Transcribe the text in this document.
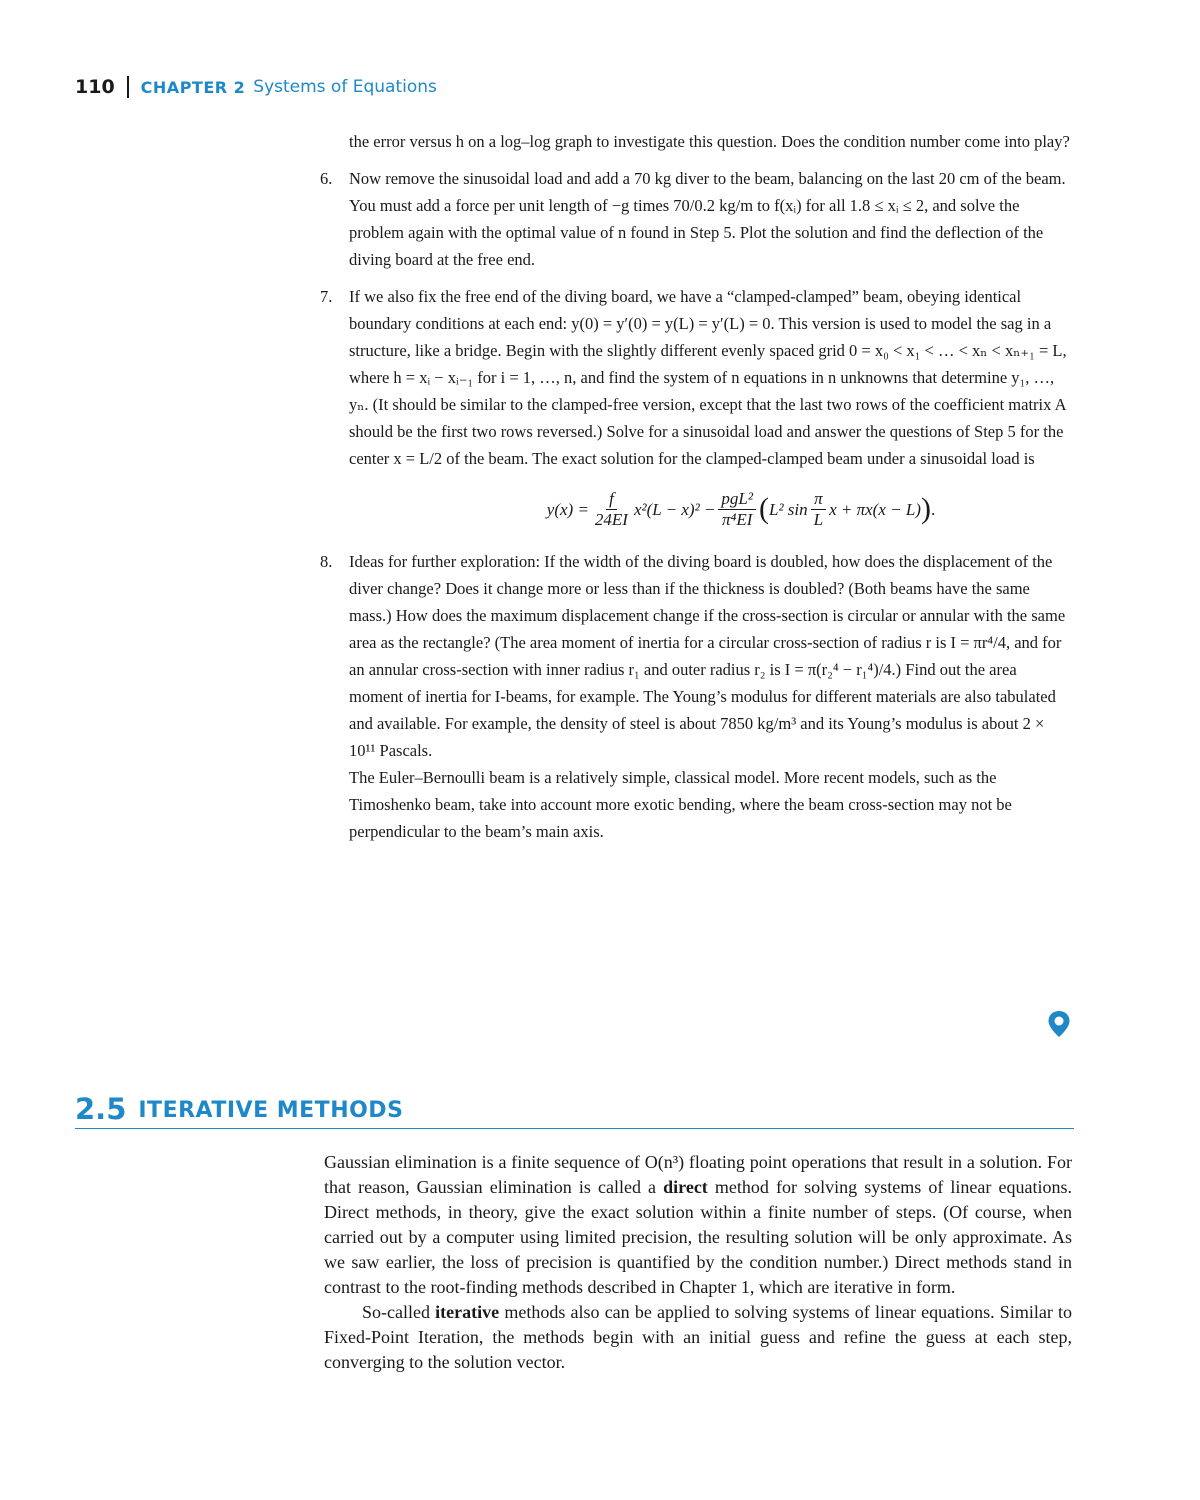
110 CHAPTER 2 Systems of Equations

the error versus h on a log–log graph to investigate this question. Does the condition number come into play?

6. Now remove the sinusoidal load and add a 70 kg diver to the beam, balancing on the last 20 cm of the beam. You must add a force per unit length of −g times 70/0.2 kg/m to f(xᵢ) for all 1.8 ≤ xᵢ ≤ 2, and solve the problem again with the optimal value of n found in Step 5. Plot the solution and find the deflection of the diving board at the free end.

7. If we also fix the free end of the diving board, we have a “clamped-clamped” beam, obeying identical boundary conditions at each end: y(0) = y′(0) = y(L) = y′(L) = 0. This version is used to model the sag in a structure, like a bridge. Begin with the slightly different evenly spaced grid 0 = x₀ < x₁ < … < xₙ < xₙ₊₁ = L, where h = xᵢ − xᵢ₋₁ for i = 1, …, n, and find the system of n equations in n unknowns that determine y₁, …, yₙ. (It should be similar to the clamped-free version, except that the last two rows of the coefficient matrix A should be the first two rows reversed.) Solve for a sinusoidal load and answer the questions of Step 5 for the center x = L/2 of the beam. The exact solution for the clamped-clamped beam under a sinusoidal load is

$y(x) = \frac{f}{24EI} x^2(L - x)^2 - \frac{\text{pgL²}}{\text{π⁴EI}}$ ( L² $\sin \frac{\pi}{L}$ x + πx(x − L) ) .
8. Ideas for further exploration: If the width of the diving board is doubled, how does the displacement of the diver change? Does it change more or less than if the thickness is doubled? (Both beams have the same mass.) How does the maximum displacement change if the cross-section is circular or annular with the same area as the rectangle? (The area moment of inertia for a circular cross-section of radius r is I = πr⁴/4, and for an annular cross-section with inner radius r₁ and outer radius r₂ is I = π(r₂⁴ − r₁⁴)/4.) Find out the area moment of inertia for I-beams, for example. The Young’s modulus for different materials are also tabulated and available. For example, the density of steel is about 7850 kg/m³ and its Young’s modulus is about 2 × 10¹¹ Pascals.

The Euler–Bernoulli beam is a relatively simple, classical model. More recent models, such as the Timoshenko beam, take into account more exotic bending, where the beam cross-section may not be perpendicular to the beam’s main axis.

2.5 ITERATIVE METHODS

Gaussian elimination is a finite sequence of O(n³) floating point operations that result in a solution. For that reason, Gaussian elimination is called a direct method for solving systems of linear equations. Direct methods, in theory, give the exact solution within a finite number of steps. (Of course, when carried out by a computer using limited precision, the resulting solution will be only approximate. As we saw earlier, the loss of precision is quantified by the condition number.) Direct methods stand in contrast to the root-finding methods described in Chapter 1, which are iterative in form.

So-called iterative methods also can be applied to solving systems of linear equations. Similar to Fixed-Point Iteration, the methods begin with an initial guess and refine the guess at each step, converging to the solution vector.
